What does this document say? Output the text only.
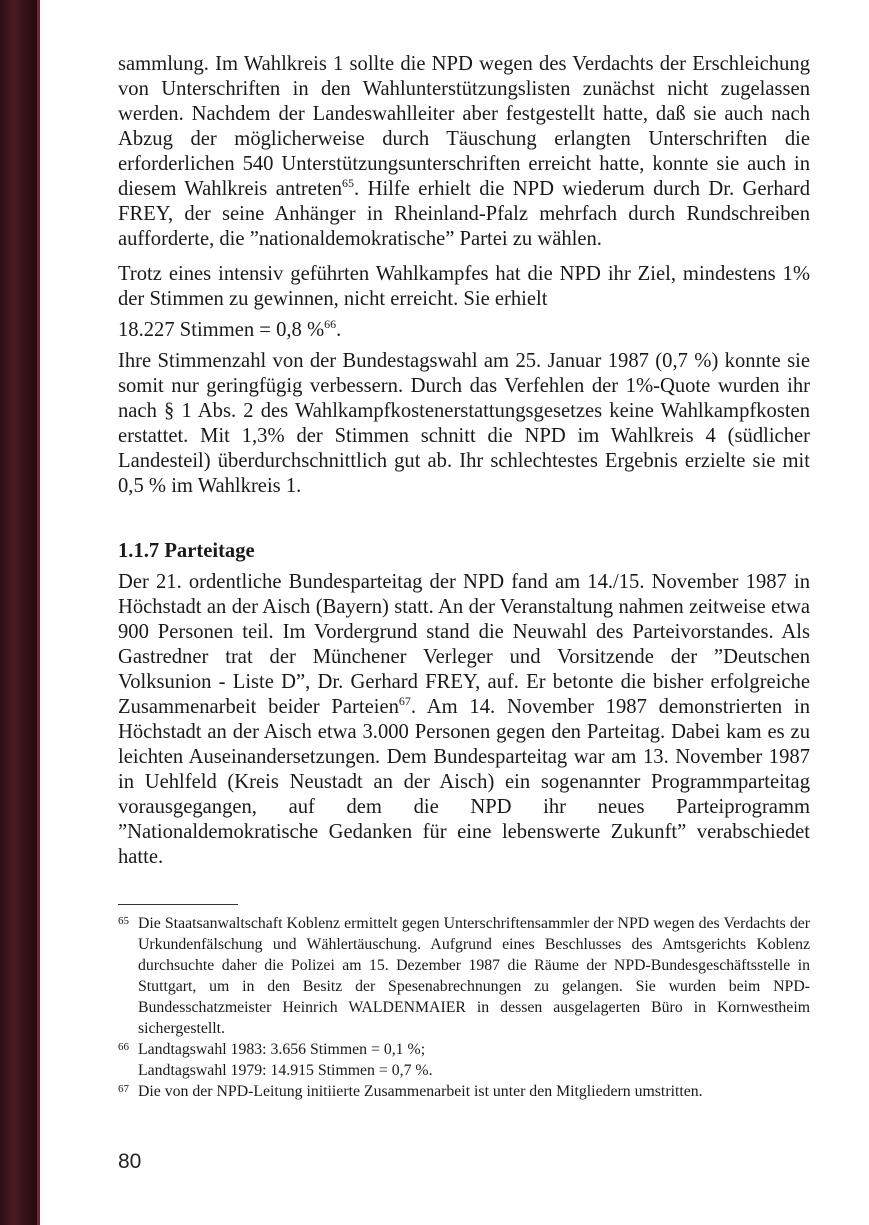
sammlung. Im Wahlkreis 1 sollte die NPD wegen des Verdachts der Erschleichung von Unterschriften in den Wahlunterstützungslisten zunächst nicht zugelassen werden. Nachdem der Landeswahlleiter aber festgestellt hatte, daß sie auch nach Abzug der möglicherweise durch Täuschung erlangten Unterschriften die erforderlichen 540 Unterstützungsunterschriften erreicht hatte, konnte sie auch in diesem Wahlkreis antreten$^{65}$. Hilfe erhielt die NPD wiederum durch Dr. Gerhard FREY, der seine Anhänger in Rheinland-Pfalz mehrfach durch Rundschreiben aufforderte, die ”nationaldemokratische” Partei zu wählen.

Trotz eines intensiv geführten Wahlkampfes hat die NPD ihr Ziel, mindestens 1% der Stimmen zu gewinnen, nicht erreicht. Sie erhielt

18.227 Stimmen = 0,8 %$^{66}$.

Ihre Stimmenzahl von der Bundestagswahl am 25. Januar 1987 (0,7 %) konnte sie somit nur geringfügig verbessern. Durch das Verfehlen der 1%-Quote wurden ihr nach § 1 Abs. 2 des Wahlkampfkostenerstattungsgesetzes keine Wahlkampfkosten erstattet. Mit 1,3% der Stimmen schnitt die NPD im Wahlkreis 4 (südlicher Landesteil) überdurchschnittlich gut ab. Ihr schlechtestes Ergebnis erzielte sie mit 0,5 % im Wahlkreis 1.

1.1.7 Parteitage

Der 21. ordentliche Bundesparteitag der NPD fand am 14./15. November 1987 in Höchstadt an der Aisch (Bayern) statt. An der Veranstaltung nahmen zeitweise etwa 900 Personen teil. Im Vordergrund stand die Neuwahl des Parteivorstandes. Als Gastredner trat der Münchener Verleger und Vorsitzende der ”Deutschen Volksunion - Liste D”, Dr. Gerhard FREY, auf. Er betonte die bisher erfolgreiche Zusammenarbeit beider Parteien$^{67}$. Am 14. November 1987 demonstrierten in Höchstadt an der Aisch etwa 3.000 Personen gegen den Parteitag. Dabei kam es zu leichten Auseinandersetzungen. Dem Bundesparteitag war am 13. November 1987 in Uehlfeld (Kreis Neustadt an der Aisch) ein sogenannter Programmparteitag vorausgegangen, auf dem die NPD ihr neues Parteiprogramm ”Nationaldemokratische Gedanken für eine lebenswerte Zukunft” verabschiedet hatte.

65 Die Staatsanwaltschaft Koblenz ermittelt gegen Unterschriftensammler der NPD wegen des Verdachts der Urkundenfälschung und Wählertäuschung. Aufgrund eines Beschlusses des Amtsgerichts Koblenz durchsuchte daher die Polizei am 15. Dezember 1987 die Räume der NPD-Bundesgeschäftsstelle in Stuttgart, um in den Besitz der Spesenabrechnungen zu gelangen. Sie wurden beim NPD-Bundesschatzmeister Heinrich WALDENMAIER in dessen ausgelagerten Büro in Kornwestheim sichergestellt.

66 Landtagswahl 1983: 3.656 Stimmen = 0,1 %;
Landtagswahl 1979: 14.915 Stimmen = 0,7 %.

67 Die von der NPD-Leitung initiierte Zusammenarbeit ist unter den Mitgliedern umstritten.

80
